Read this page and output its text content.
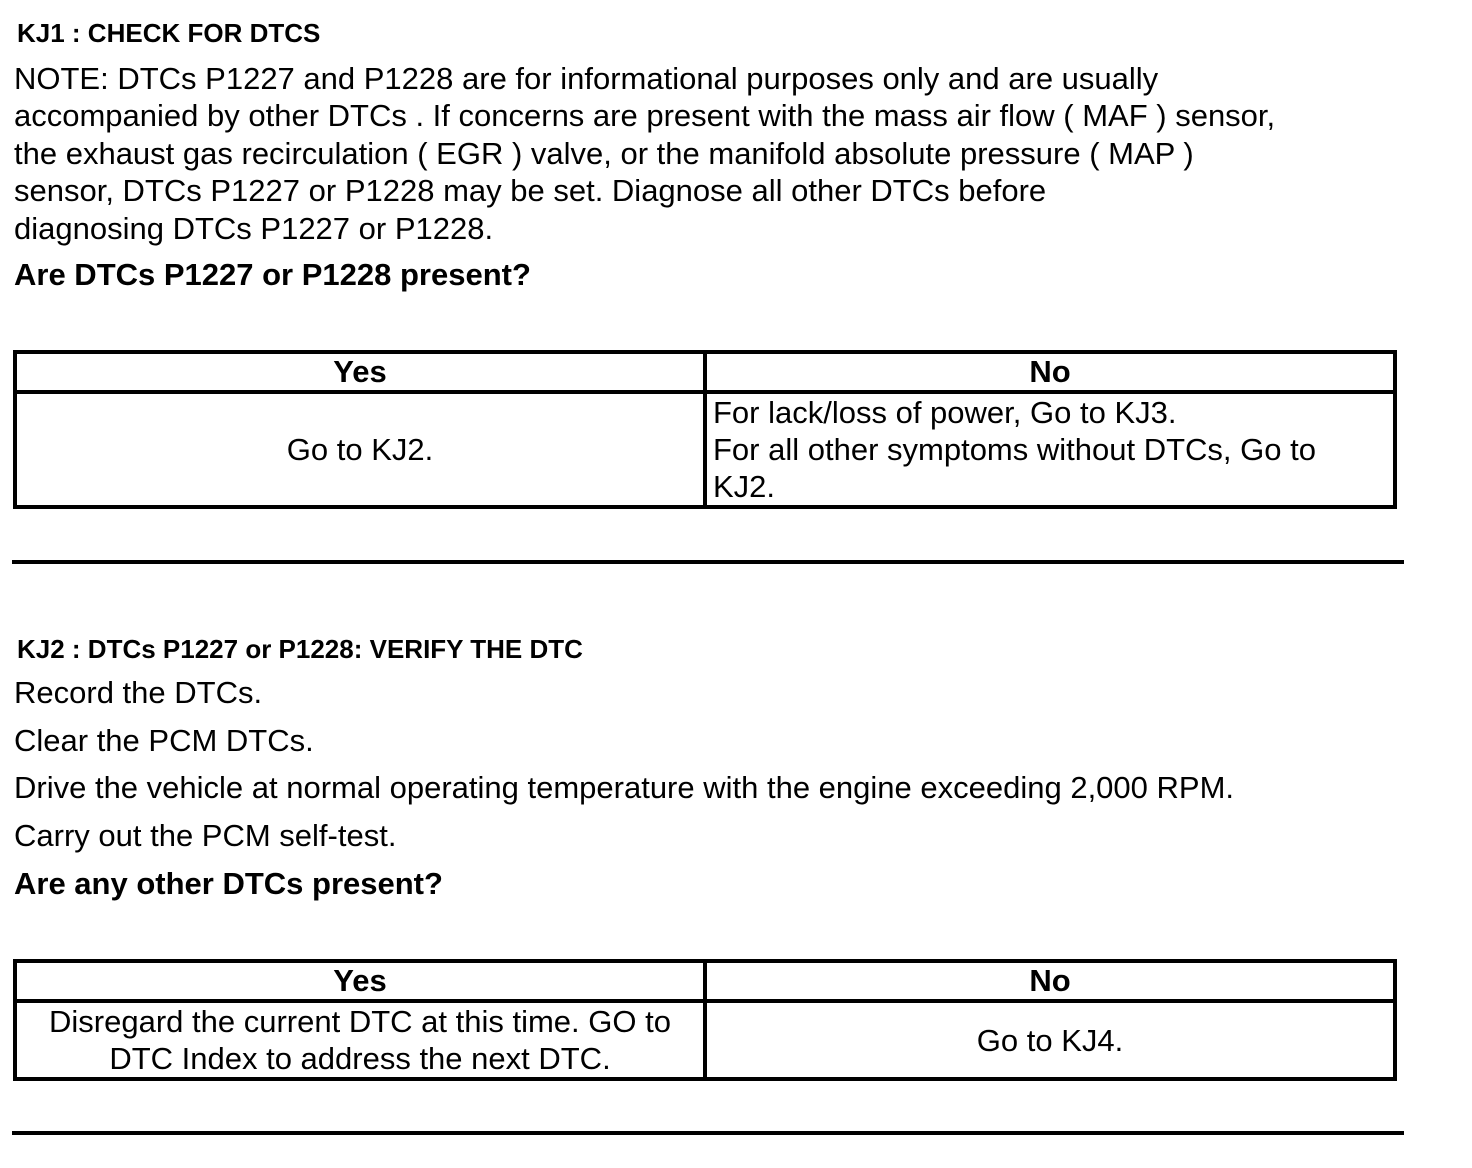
KJ1 : CHECK FOR DTCS
NOTE: DTCs P1227 and P1228 are for informational purposes only and are usually
accompanied by other DTCs . If concerns are present with the mass air flow ( MAF ) sensor,
the exhaust gas recirculation ( EGR ) valve, or the manifold absolute pressure ( MAP )
sensor, DTCs P1227 or P1228 may be set. Diagnose all other DTCs before
diagnosing DTCs P1227 or P1228.
Are DTCs P1227 or P1228 present?
Yes	No
Go to KJ2.	For lack/loss of power, Go to KJ3.
For all other symptoms without DTCs, Go to
KJ2.
KJ2 : DTCs P1227 or P1228: VERIFY THE DTC
Record the DTCs.
Clear the PCM DTCs.
Drive the vehicle at normal operating temperature with the engine exceeding 2,000 RPM.
Carry out the PCM self-test.
Are any other DTCs present?
Yes	No

Disregard the current DTC at this time. GO to
DTC Index to address the next DTC.	Go to KJ4.
